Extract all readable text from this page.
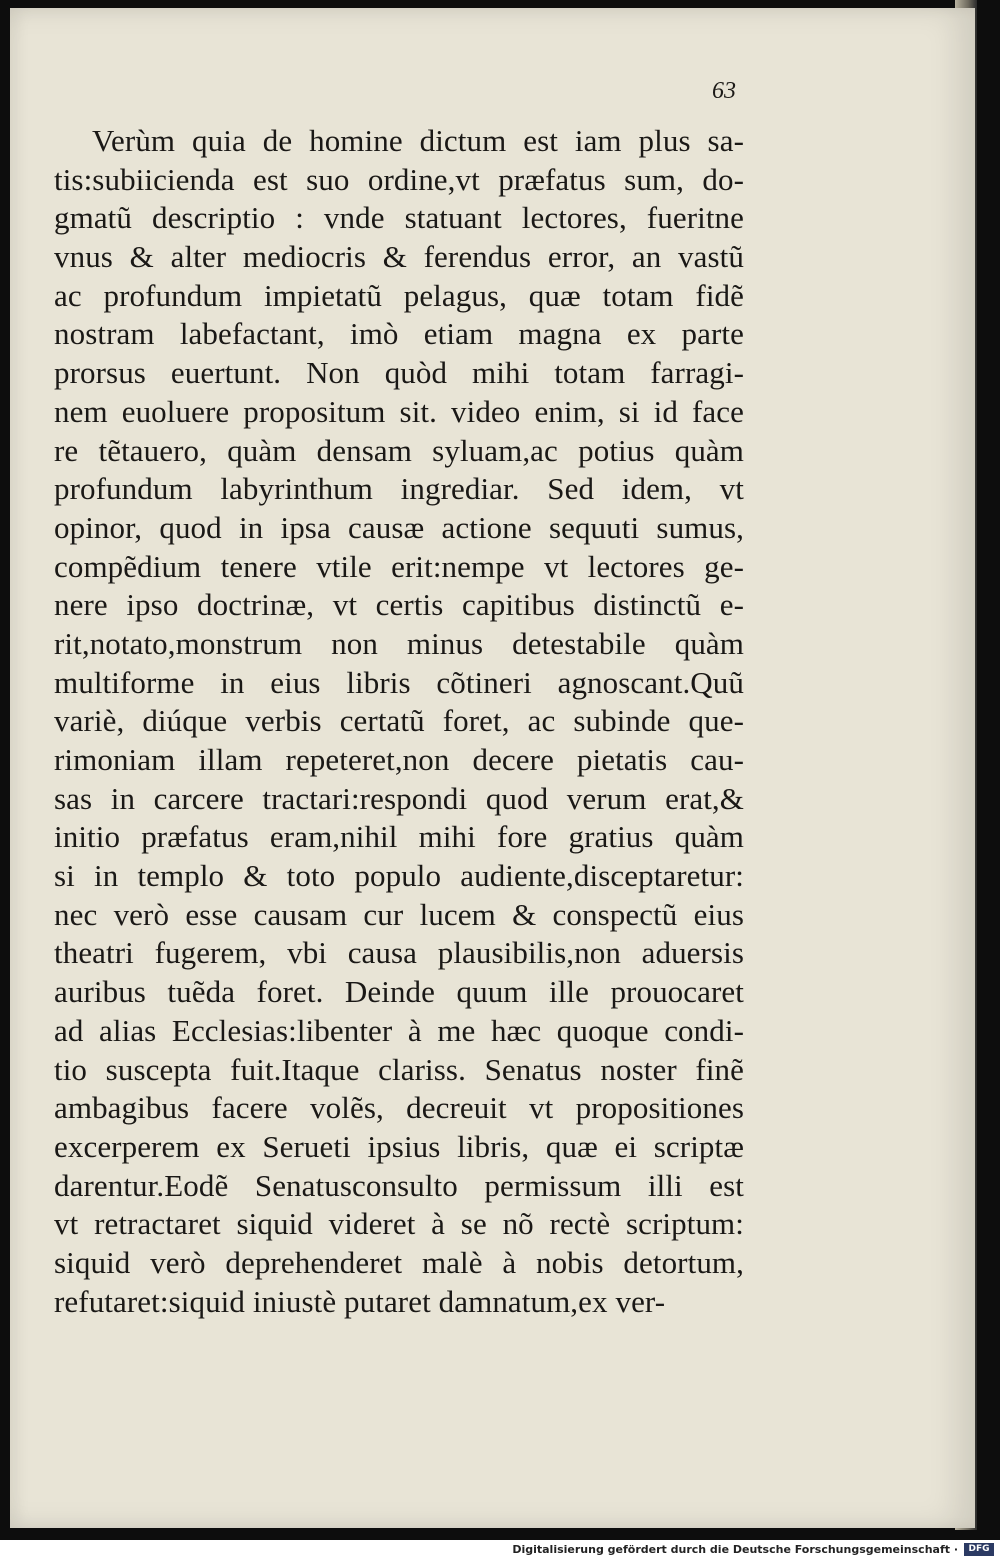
63
Verùm quia de homine dictum est iam plus sa-
tis:subiicienda est suo ordine,vt præfatus sum, do-
gmatũ descriptio : vnde statuant lectores, fueritne
vnus & alter mediocris & ferendus error, an vastũ
ac profundum impietatũ pelagus, quæ totam fidẽ
nostram labefactant, imò etiam magna ex parte
prorsus euertunt. Non quòd mihi totam farragi-
nem euoluere propositum sit. video enim, si id face
re tẽtauero, quàm densam syluam,ac potius quàm
profundum labyrinthum ingrediar. Sed idem, vt
opinor, quod in ipsa causæ actione sequuti sumus,
compẽdium tenere vtile erit:nempe vt lectores ge-
nere ipso doctrinæ, vt certis capitibus distinctũ e-
rit,notato,monstrum non minus detestabile quàm
multiforme in eius libris cõtineri agnoscant.Quũ
variè, diúque verbis certatũ foret, ac subinde que-
rimoniam illam repeteret,non decere pietatis cau-
sas in carcere tractari:respondi quod verum erat,&
initio præfatus eram,nihil mihi fore gratius quàm
si in templo & toto populo audiente,disceptaretur:
nec verò esse causam cur lucem & conspectũ eius
theatri fugerem, vbi causa plausibilis,non aduersis
auribus tuẽda foret. Deinde quum ille prouocaret
ad alias Ecclesias:libenter à me hæc quoque condi-
tio suscepta fuit.Itaque clariss. Senatus noster finẽ
ambagibus facere volẽs, decreuit vt propositiones
excerperem ex Serueti ipsius libris, quæ ei scriptæ
darentur.Eodẽ Senatusconsulto permissum illi est
vt retractaret siquid videret à se nõ rectè scriptum:
siquid verò deprehenderet malè à nobis detortum,
refutaret:siquid iniustè putaret damnatum,ex ver-
Digitalisierung gefördert durch die Deutsche Forschungsgemeinschaft ·	DFG
